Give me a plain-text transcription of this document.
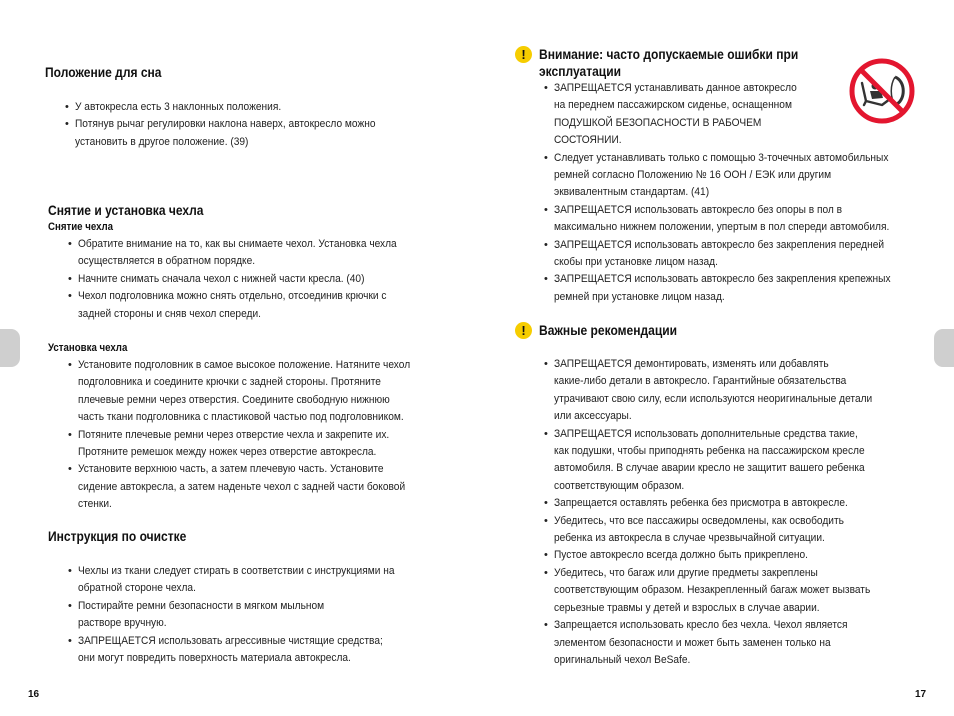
Положение для сна
• У автокресла есть 3 наклонных положения.
• Потянув рычаг регулировки наклона наверх, автокресло можно
установить в другое положение. (39)
Снятие и установка чехла
Снятие чехла
• Обратите внимание на то, как вы снимаете чехол. Установка чехла
осуществляется в обратном порядке.
• Начните снимать сначала чехол с нижней части кресла. (40)
• Чехол подголовника можно снять отдельно, отсоединив крючки с
задней стороны и сняв чехол спереди.
Установка чехла
• Установите подголовник в самое высокое положение. Натяните чехол
подголовника и соедините крючки с задней стороны. Протяните
плечевые ремни через отверстия. Соедините свободную нижнюю
часть ткани подголовника с пластиковой частью под подголовником.
• Потяните плечевые ремни через отверстие чехла и закрепите их.
Протяните ремешок между ножек через отверстие автокресла.
• Установите верхнюю часть, а затем плечевую часть. Установите
сидение автокресла, а затем наденьте чехол с задней части боковой
стенки.
Инструкция по очистке
• Чехлы из ткани следует стирать в соответствии с инструкциями на
обратной стороне чехла.
• Постирайте ремни безопасности в мягком мыльном
растворе вручную.
• ЗАПРЕЩАЕТСЯ использовать агрессивные чистящие средства;
они могут повредить поверхность материала автокресла.
16
! Внимание: часто допускаемые ошибки при
эксплуатации
• ЗАПРЕЩАЕТСЯ устанавливать данное автокресло
на переднем пассажирском сиденье, оснащенном
ПОДУШКОЙ БЕЗОПАСНОСТИ В РАБОЧЕМ
СОСТОЯНИИ.
• Следует устанавливать только с помощью 3-точечных автомобильных
ремней согласно Положению № 16 ООН / ЕЭК или другим
эквивалентным стандартам. (41)
• ЗАПРЕЩАЕТСЯ использовать автокресло без опоры в пол в
максимально нижнем положении, упертым в пол спереди автомобиля.
• ЗАПРЕЩАЕТСЯ использовать автокресло без закрепления передней
скобы при установке лицом назад.
• ЗАПРЕЩАЕТСЯ использовать автокресло без закрепления крепежных
ремней при установке лицом назад.
! Важные рекомендации
• ЗАПРЕЩАЕТСЯ демонтировать, изменять или добавлять
какие-либо детали в автокресло. Гарантийные обязательства
утрачивают свою силу, если используются неоригинальные детали
или аксессуары.
• ЗАПРЕЩАЕТСЯ использовать дополнительные средства такие,
как подушки, чтобы приподнять ребенка на пассажирском кресле
автомобиля. В случае аварии кресло не защитит вашего ребенка
соответствующим образом.
• Запрещается оставлять ребенка без присмотра в автокресле.
• Убедитесь, что все пассажиры осведомлены, как освободить
ребенка из автокресла в случае чрезвычайной ситуации.
• Пустое автокресло всегда должно быть прикреплено.
• Убедитесь, что багаж или другие предметы закреплены
соответствующим образом. Незакрепленный багаж может вызвать
серьезные травмы у детей и взрослых в случае аварии.
• Запрещается использовать кресло без чехла. Чехол является
элементом безопасности и может быть заменен только на
оригинальный чехол BeSafe.
17
